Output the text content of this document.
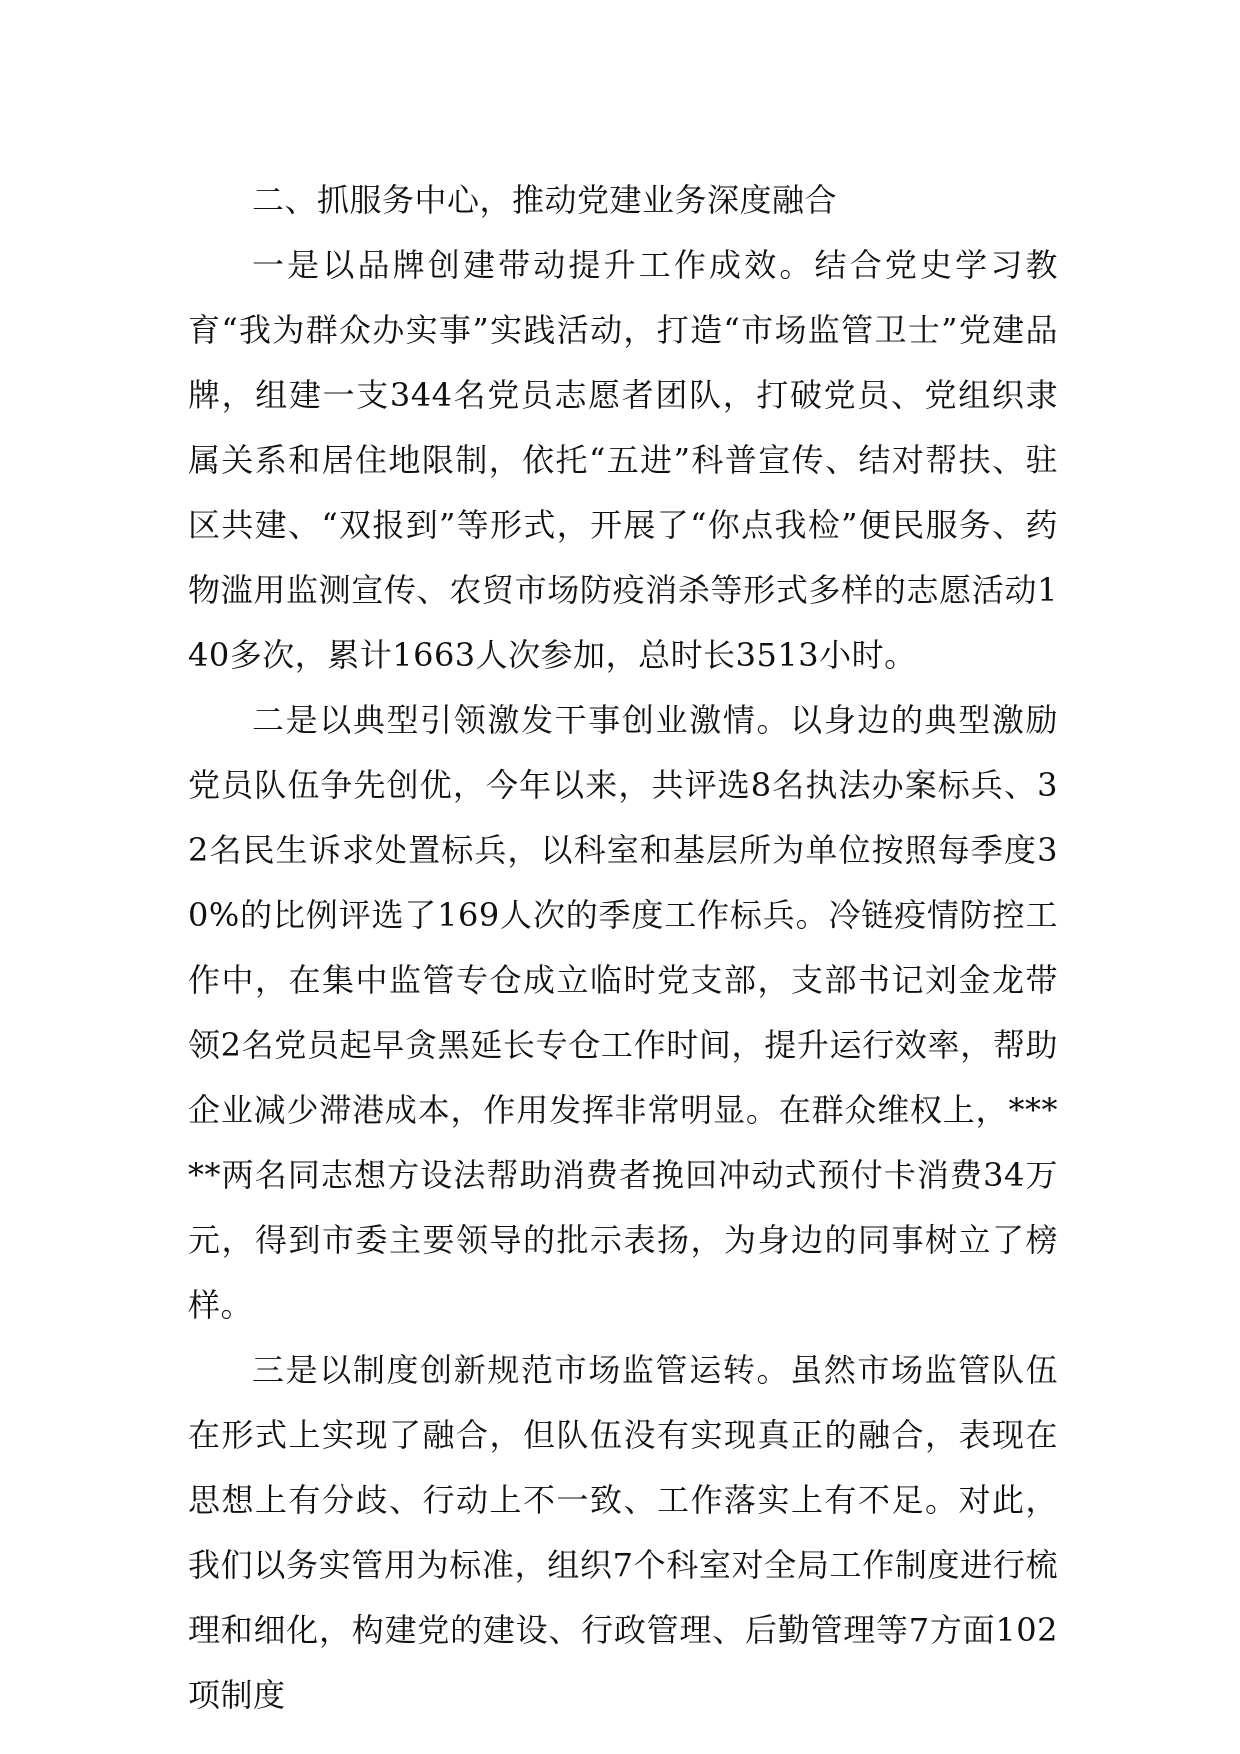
二、抓服务中心，推动党建业务深度融合

一是以品牌创建带动提升工作成效。结合党史学习教育“我为群众办实事”实践活动，打造“市场监管卫士”党建品牌，组建一支344名党员志愿者团队，打破党员、党组织隶属关系和居住地限制，依托“五进”科普宣传、结对帮扶、驻区共建、“双报到”等形式，开展了“你点我检”便民服务、药物滥用监测宣传、农贸市场防疫消杀等形式多样的志愿活动140多次，累计1663人次参加，总时长3513小时。

二是以典型引领激发干事创业激情。以身边的典型激励党员队伍争先创优，今年以来，共评选8名执法办案标兵、32名民生诉求处置标兵，以科室和基层所为单位按照每季度30%的比例评选了169人次的季度工作标兵。冷链疫情防控工作中，在集中监管专仓成立临时党支部，支部书记刘金龙带领2名党员起早贪黑延长专仓工作时间，提升运行效率，帮助企业减少滞港成本，作用发挥非常明显。在群众维权上，*****两名同志想方设法帮助消费者挽回冲动式预付卡消费34万元，得到市委主要领导的批示表扬，为身边的同事树立了榜样。

三是以制度创新规范市场监管运转。虽然市场监管队伍在形式上实现了融合，但队伍没有实现真正的融合，表现在思想上有分歧、行动上不一致、工作落实上有不足。对此，我们以务实管用为标准，组织7个科室对全局工作制度进行梳理和细化，构建党的建设、行政管理、后勤管理等7方面102项制度
